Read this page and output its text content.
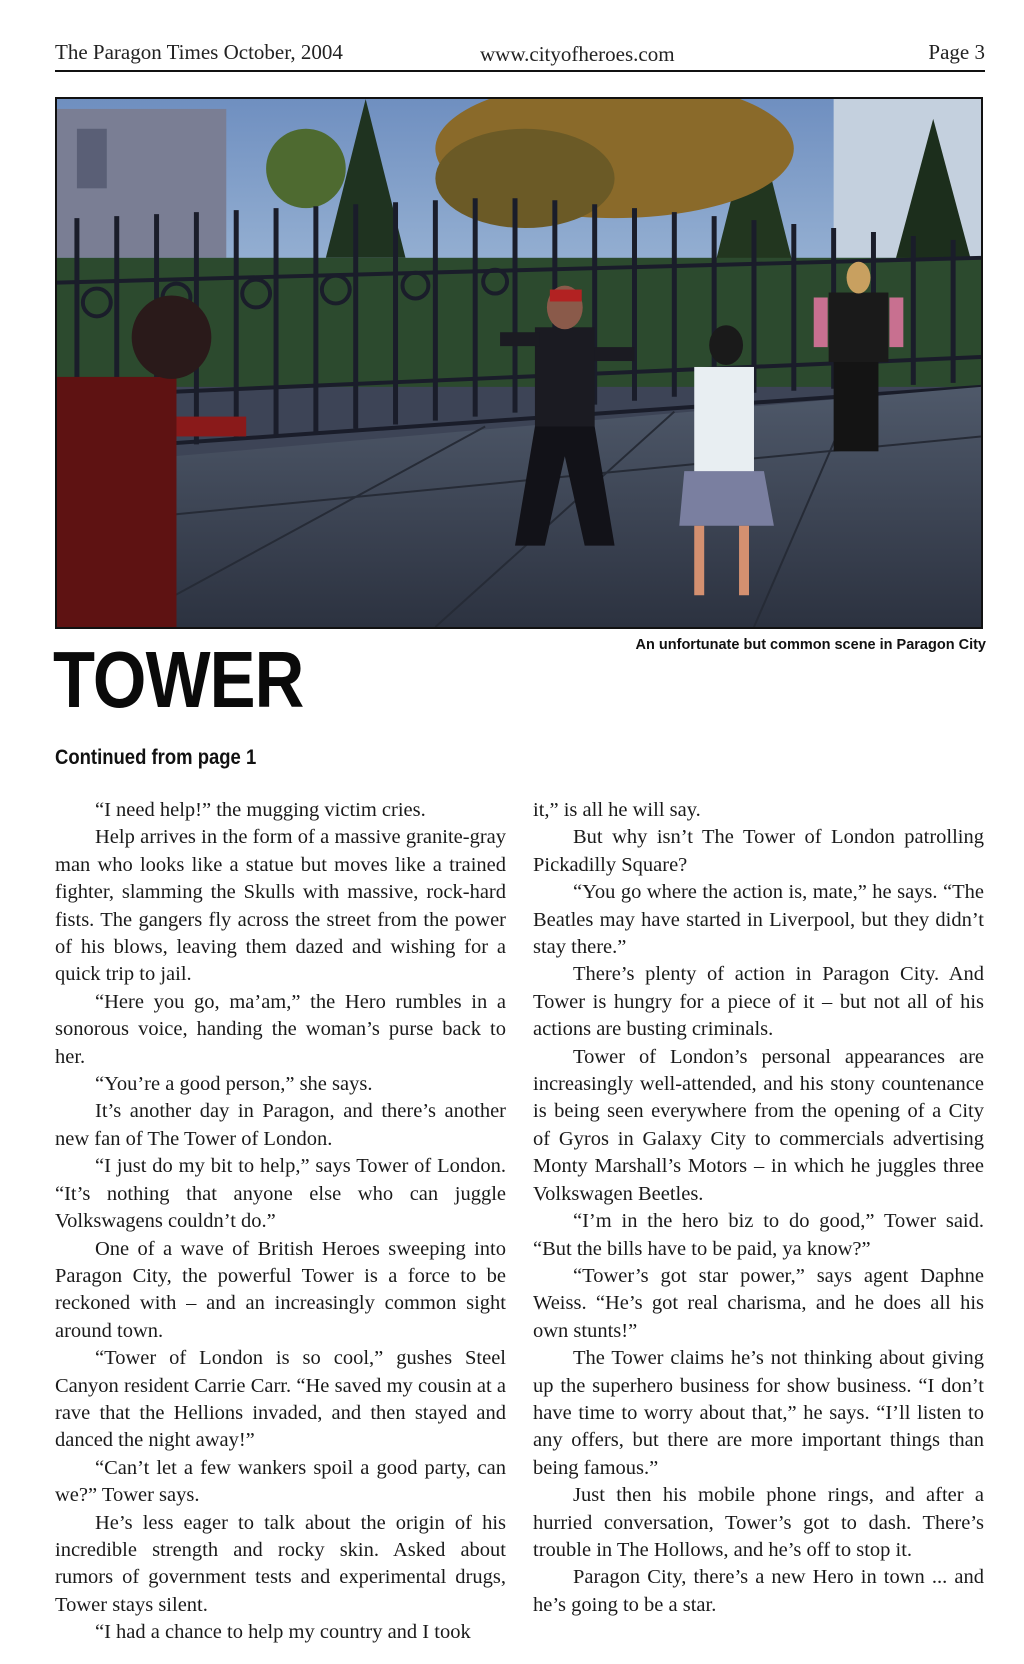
The Paragon Times October, 2004	www.cityofheroes.com	Page 3
An unfortunate but common scene in Paragon City
TOWER
Continued from page 1

“I need help!” the mugging victim cries.

Help arrives in the form of a massive granite-gray man who looks like a statue but moves like a trained fighter, slamming the Skulls with massive, rock-hard fists. The gangers fly across the street from the power of his blows, leaving them dazed and wishing for a quick trip to jail.

“Here you go, ma’am,” the Hero rumbles in a sonorous voice, handing the woman’s purse back to her.

“You’re a good person,” she says.

It’s another day in Paragon, and there’s another new fan of The Tower of London.

“I just do my bit to help,” says Tower of London. “It’s nothing that anyone else who can juggle Volkswagens couldn’t do.”

One of a wave of British Heroes sweeping into Paragon City, the powerful Tower is a force to be reckoned with – and an increasingly common sight around town.

“Tower of London is so cool,” gushes Steel Canyon resident Carrie Carr. “He saved my cousin at a rave that the Hellions invaded, and then stayed and danced the night away!”

“Can’t let a few wankers spoil a good party, can we?” Tower says.

He’s less eager to talk about the origin of his incredible strength and rocky skin. Asked about rumors of government tests and experimental drugs, Tower stays silent.

“I had a chance to help my country and I took

it,” is all he will say.

But why isn’t The Tower of London patrolling Pickadilly Square?

“You go where the action is, mate,” he says. “The Beatles may have started in Liverpool, but they didn’t stay there.”

There’s plenty of action in Paragon City. And Tower is hungry for a piece of it – but not all of his actions are busting criminals.

Tower of London’s personal appearances are increasingly well-attended, and his stony countenance is being seen everywhere from the opening of a City of Gyros in Galaxy City to commercials advertising Monty Marshall’s Motors – in which he juggles three Volkswagen Beetles.

“I’m in the hero biz to do good,” Tower said. “But the bills have to be paid, ya know?”

“Tower’s got star power,” says agent Daphne Weiss. “He’s got real charisma, and he does all his own stunts!”

The Tower claims he’s not thinking about giving up the superhero business for show business. “I don’t have time to worry about that,” he says. “I’ll listen to any offers, but there are more important things than being famous.”

Just then his mobile phone rings, and after a hurried conversation, Tower’s got to dash. There’s trouble in The Hollows, and he’s off to stop it.

Paragon City, there’s a new Hero in town ... and he’s going to be a star.
